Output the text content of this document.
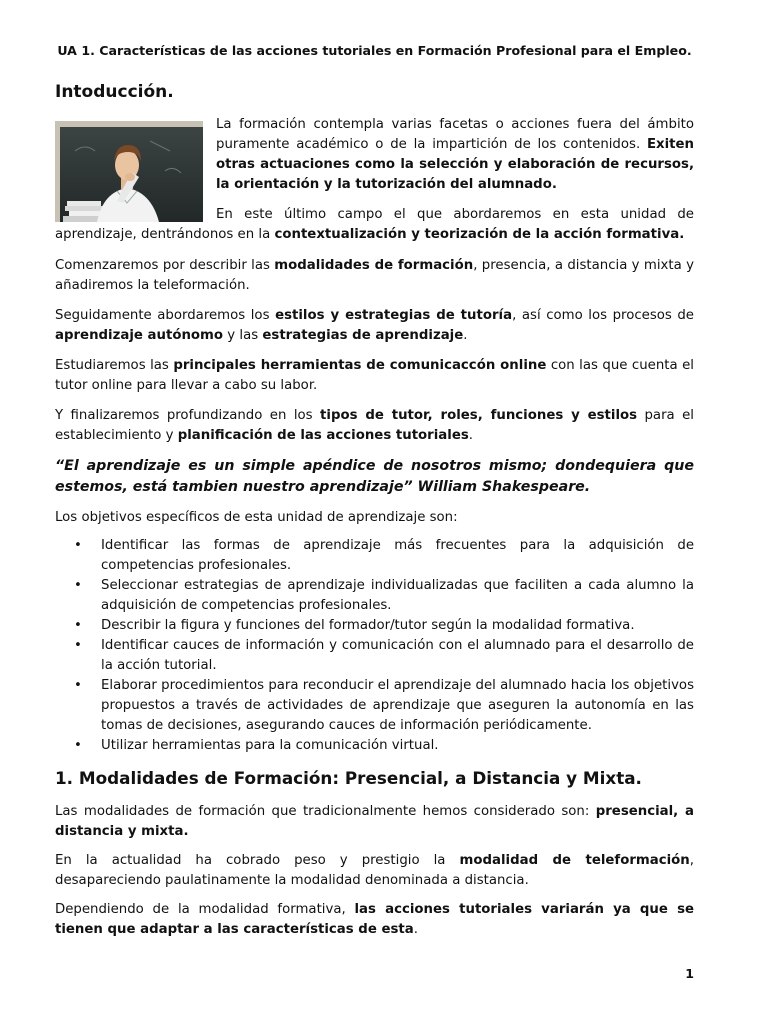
UA 1. Características de las acciones tutoriales en Formación Profesional para el Empleo.
Intoducción.

La formación contempla varias facetas o acciones fuera del ámbito puramente académico o de la impartición de los contenidos. Exiten otras actuaciones como la selección y elaboración de recursos, la orientación y la tutorización del alumnado.

En este último campo el que abordaremos en esta unidad de aprendizaje, dentrándonos en la contextualización y teorización de la acción formativa.

Comenzaremos por describir las modalidades de formación, presencia, a distancia y mixta y añadiremos la teleformación.

Seguidamente abordaremos los estilos y estrategias de tutoría, así como los procesos de aprendizaje autónomo y las estrategias de aprendizaje.

Estudiaremos las principales herramientas de comunicaccón online con las que cuenta el tutor online para llevar a cabo su labor.

Y finalizaremos profundizando en los tipos de tutor, roles, funciones y estilos para el establecimiento y planificación de las acciones tutoriales.

“El aprendizaje es un simple apéndice de nosotros mismo; dondequiera que estemos, está tambien nuestro aprendizaje” William Shakespeare.

Los objetivos específicos de esta unidad de aprendizaje son:

• Identificar las formas de aprendizaje más frecuentes para la adquisición de competencias profesionales.
• Seleccionar estrategias de aprendizaje individualizadas que faciliten a cada alumno la adquisición de competencias profesionales.
• Describir la figura y funciones del formador/tutor según la modalidad formativa.
• Identificar cauces de información y comunicación con el alumnado para el desarrollo de la acción tutorial.
• Elaborar procedimientos para reconducir el aprendizaje del alumnado hacia los objetivos propuestos a través de actividades de aprendizaje que aseguren la autonomía en las tomas de decisiones, asegurando cauces de información periódicamente.
• Utilizar herramientas para la comunicación virtual.
1. Modalidades de Formación: Presencial, a Distancia y Mixta.

Las modalidades de formación que tradicionalmente hemos considerado son: presencial, a distancia y mixta.

En la actualidad ha cobrado peso y prestigio la modalidad de teleformación, desapareciendo paulatinamente la modalidad denominada a distancia.

Dependiendo de la modalidad formativa, las acciones tutoriales variarán ya que se tienen que adaptar a las características de esta.

1
